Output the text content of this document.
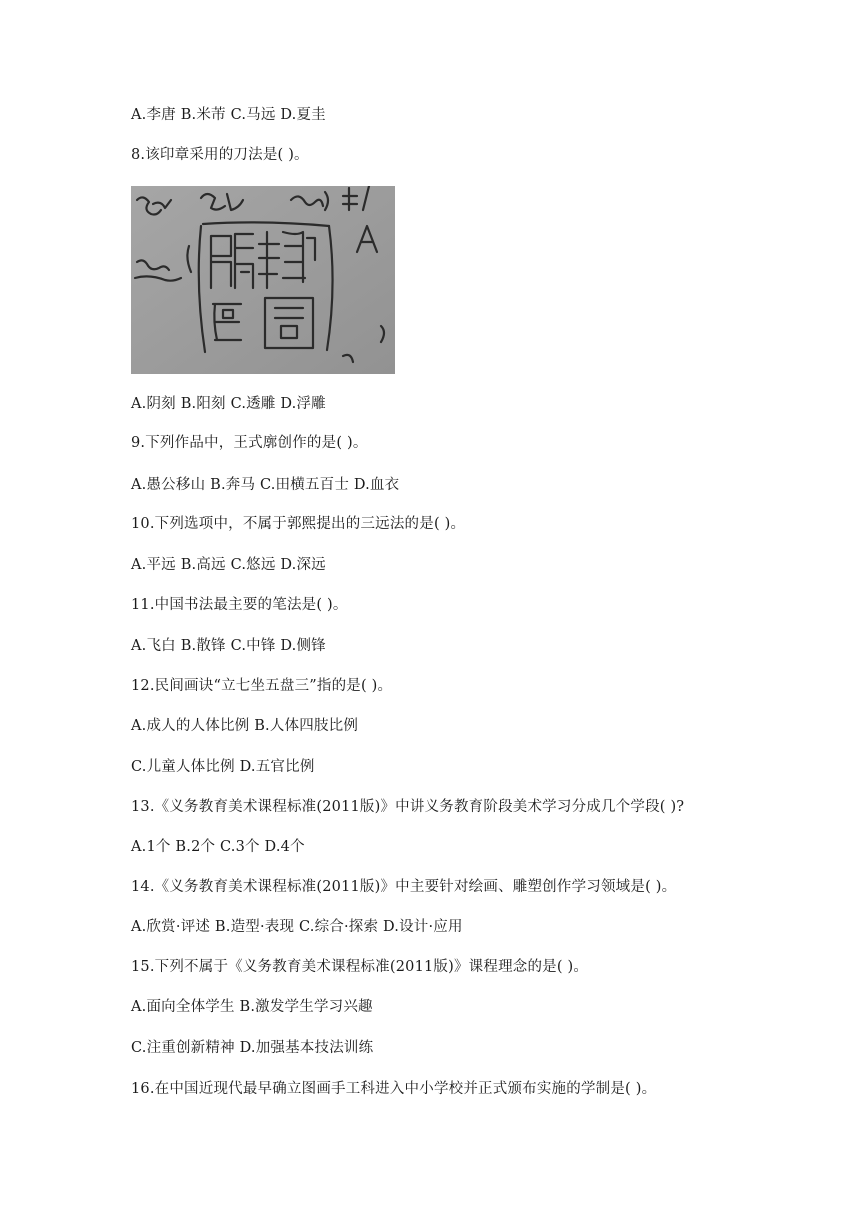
A.李唐 B.米芾 C.马远 D.夏圭
8.该印章采用的刀法是( )。
A.阴刻 B.阳刻 C.透雕 D.浮雕
9.下列作品中，王式廓创作的是( )。
A.愚公移山 B.奔马 C.田横五百士 D.血衣
10.下列选项中，不属于郭熙提出的三远法的是( )。
A.平远 B.高远 C.悠远 D.深远
11.中国书法最主要的笔法是( )。
A.飞白 B.散锋 C.中锋 D.侧锋
12.民间画诀“立七坐五盘三”指的是( )。
A.成人的人体比例 B.人体四肢比例
C.儿童人体比例 D.五官比例
13.《义务教育美术课程标准(2011版)》中讲义务教育阶段美术学习分成几个学段( )?
A.1个 B.2个 C.3个 D.4个
14.《义务教育美术课程标准(2011版)》中主要针对绘画、雕塑创作学习领域是( )。
A.欣赏·评述 B.造型·表现 C.综合·探索 D.设计·应用
15.下列不属于《义务教育美术课程标准(2011版)》课程理念的是( )。
A.面向全体学生 B.激发学生学习兴趣
C.注重创新精神 D.加强基本技法训练
16.在中国近现代最早确立图画手工科进入中小学校并正式颁布实施的学制是( )。
